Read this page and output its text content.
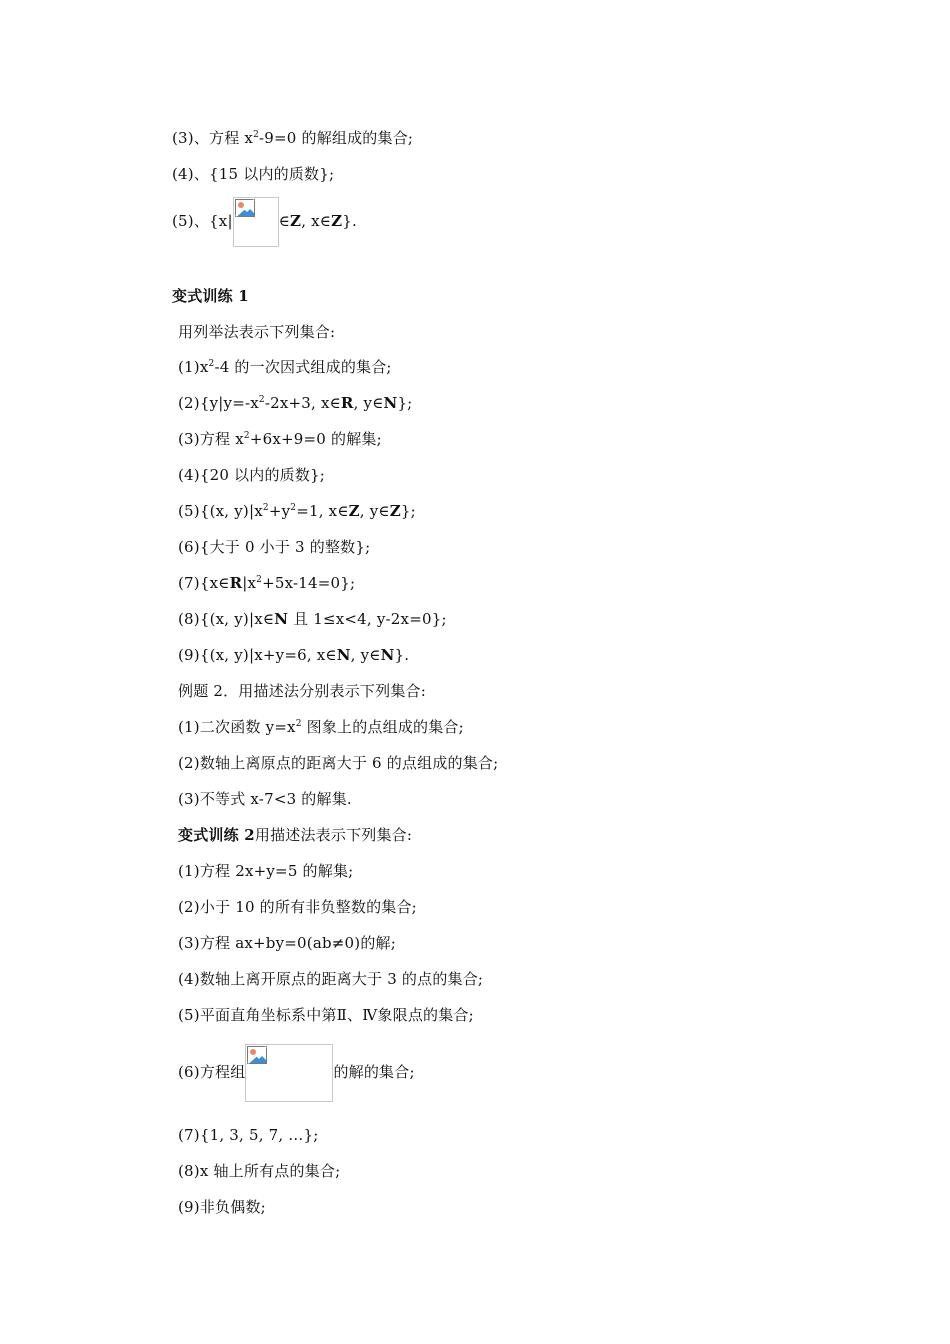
(3)、方程 $x^2-9=0$ 的解组成的集合;
(4)、{15 以内的质数};
(5)、{x|	∈Z, x∈Z}.
变式训练 1
用列举法表示下列集合:
$(1)x^2-4$ 的一次因式组成的集合;
$(2)\{y|y=-x^2-2x+3$, x∈R, y∈N};
(3)方程 $x^2+6x+9=0$ 的解集;
(4){20 以内的质数};
(5){(x, $y)|x^2+y^2=1$, x∈Z, y∈Z};
(6){大于 0 小于 3 的整数};
$(7)\{x\in R|x^2+5x-14=0\}$;
(8){(x, y)|x∈N 且 1≤x<4, y-2x=0};
(9){(x, y)|x+y=6, x∈N, y∈N}.
例题 2．用描述法分别表示下列集合:
(1)二次函数 $y=x^2$ 图象上的点组成的集合;
(2)数轴上离原点的距离大于 6 的点组成的集合;
(3)不等式 x-7<3 的解集.
变式训练 2用描述法表示下列集合:
(1)方程 2x+y=5 的解集;
(2)小于 10 的所有非负整数的集合;
(3)方程 ax+by=0(ab≠0)的解;
(4)数轴上离开原点的距离大于 3 的点的集合;
(5)平面直角坐标系中第Ⅱ、Ⅳ象限点的集合;
(6)方程组	的解的集合;
(7){1, 3, 5, 7, …};
(8)x 轴上所有点的集合;
(9)非负偶数;
